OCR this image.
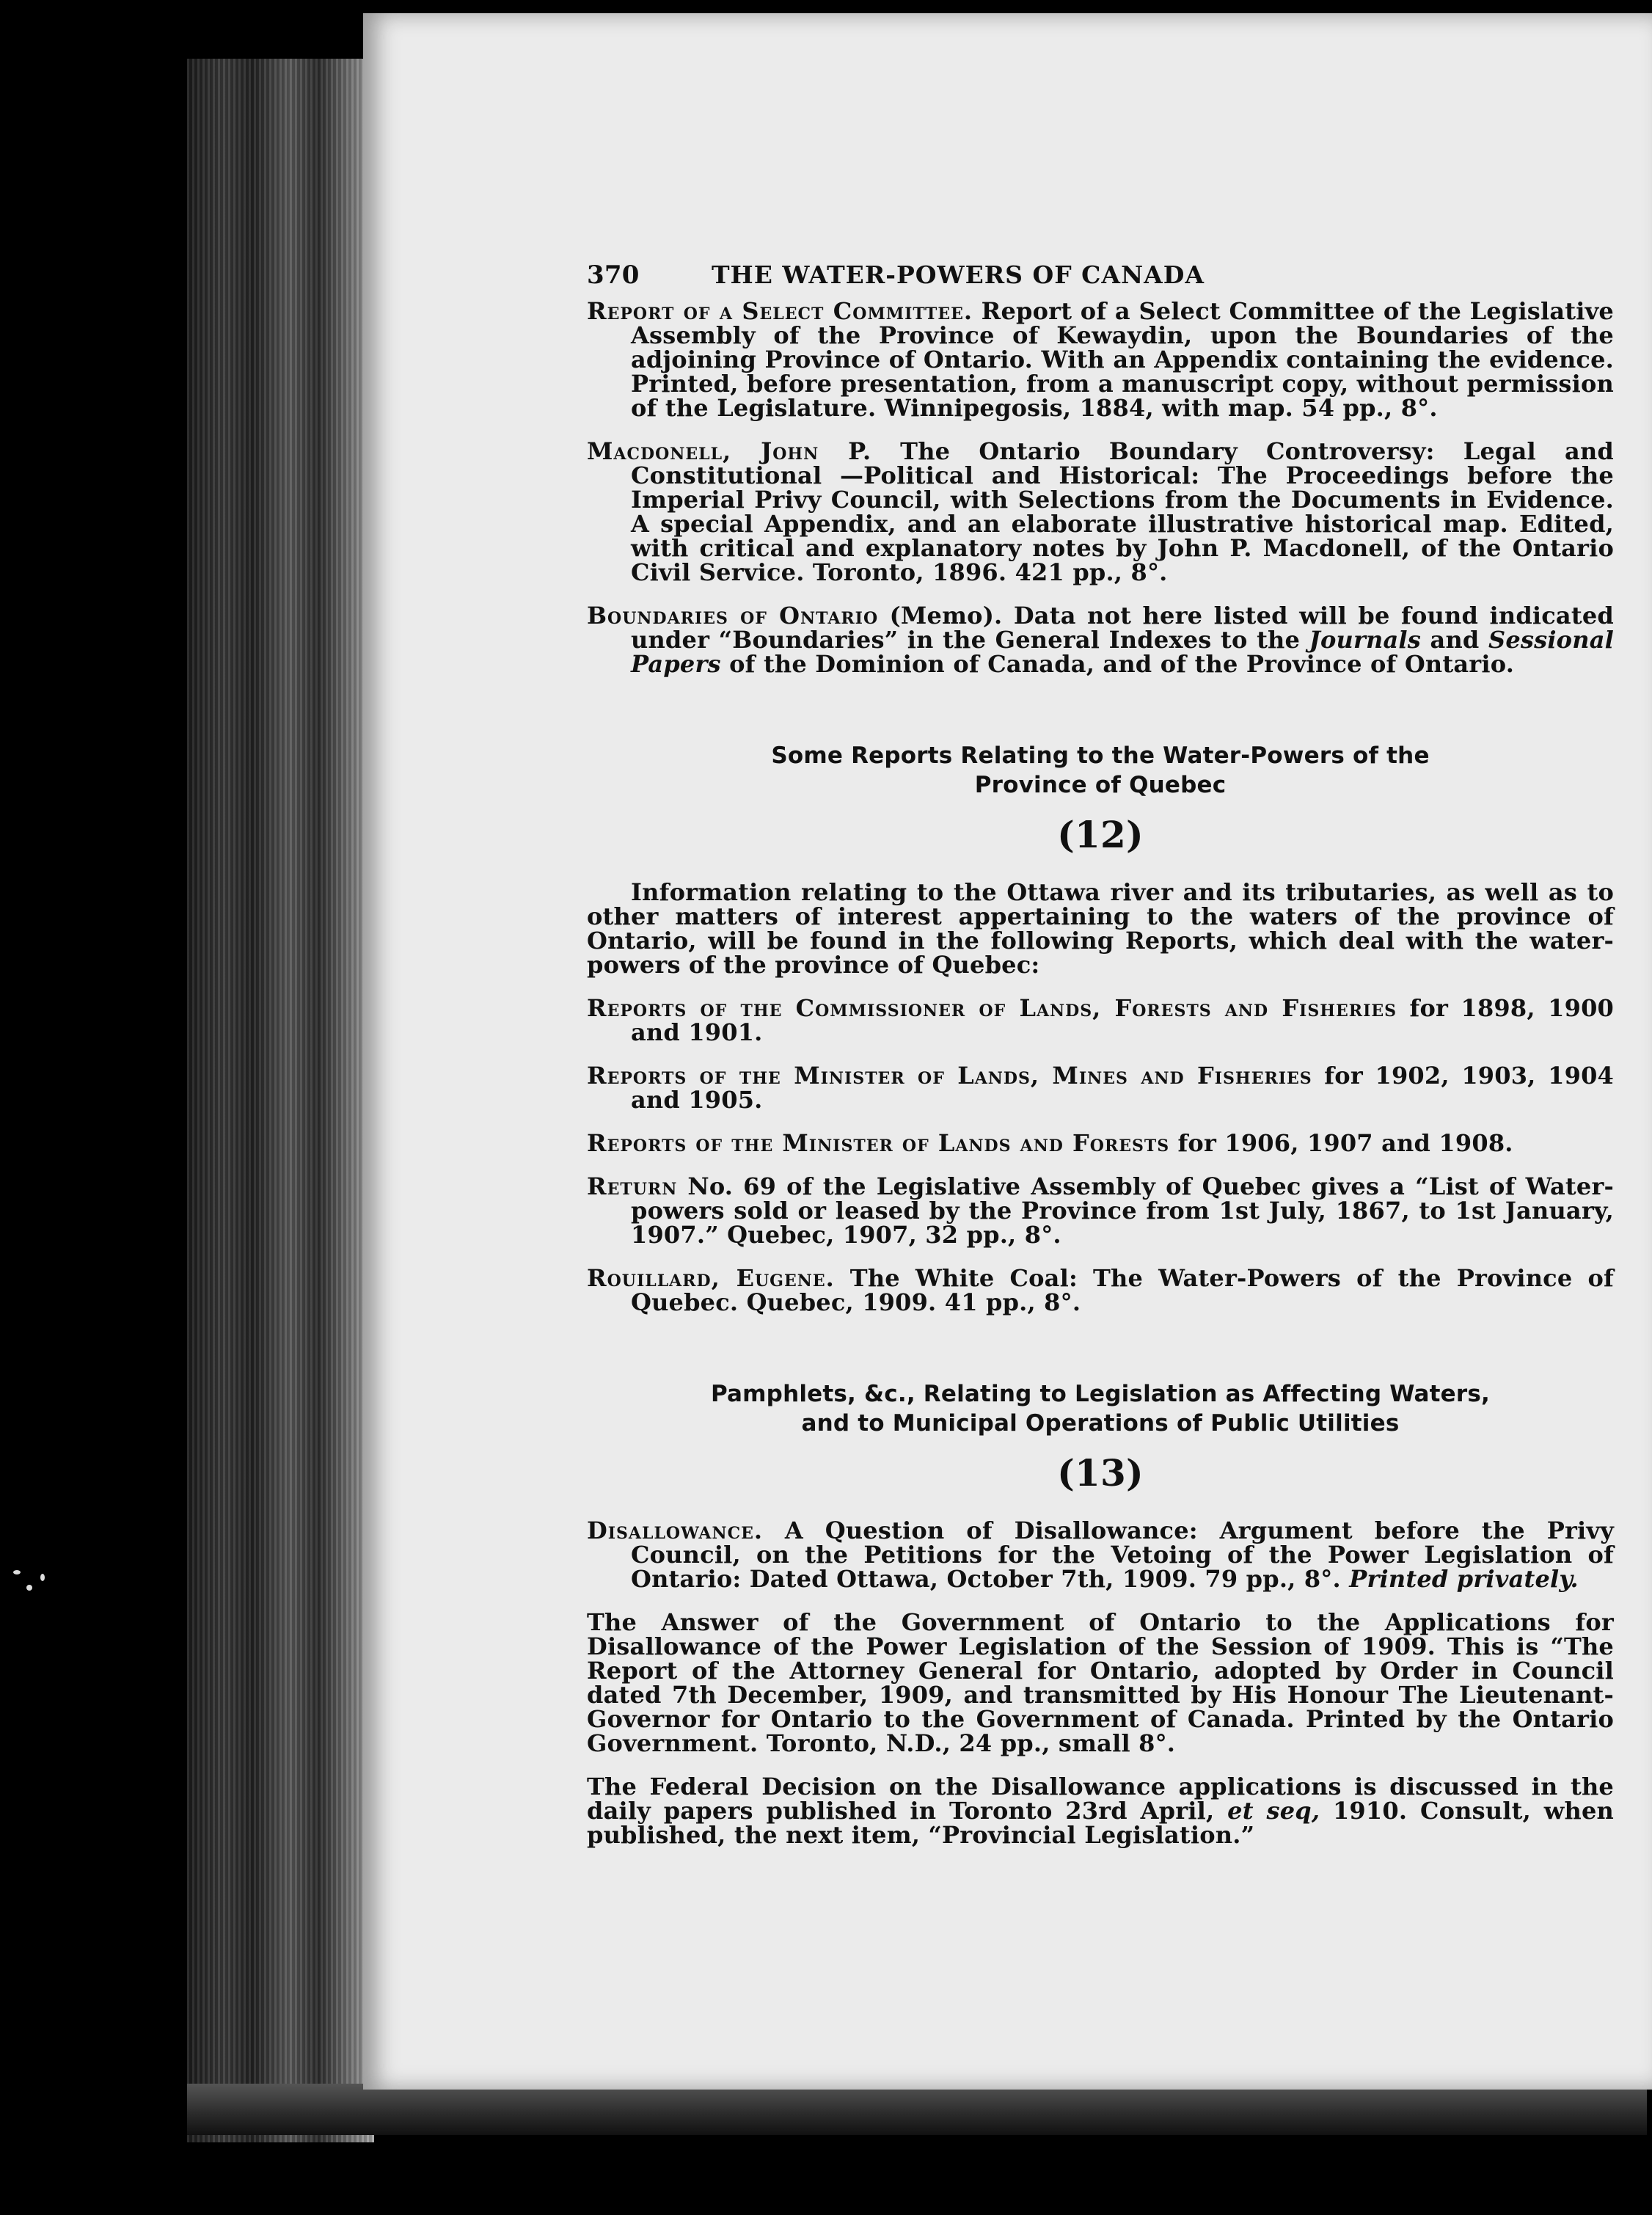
370	THE WATER-POWERS OF CANADA

Report of a Select Committee. Report of a Select Committee of the Legislative Assembly of the Province of Kewaydin, upon the Boundaries of the adjoining Province of Ontario. With an Appendix containing the evidence. Printed, before presentation, from a manuscript copy, without permission of the Legislature. Winnipegosis, 1884, with map. 54 pp., 8°.

Macdonell, John P. The Ontario Boundary Controversy: Legal and Constitutional —Political and Historical: The Proceedings before the Imperial Privy Council, with Selections from the Documents in Evidence. A special Appendix, and an elaborate illustrative historical map. Edited, with critical and explanatory notes by John P. Macdonell, of the Ontario Civil Service. Toronto, 1896. 421 pp., 8°.

Boundaries of Ontario (Memo). Data not here listed will be found indicated under “Boundaries” in the General Indexes to the Journals and Sessional Papers of the Dominion of Canada, and of the Province of Ontario.

Some Reports Relating to the Water-Powers of the
Province of Quebec
(12)

Information relating to the Ottawa river and its tributaries, as well as to other matters of interest appertaining to the waters of the province of Ontario, will be found in the following Reports, which deal with the water-powers of the province of Quebec:

Reports of the Commissioner of Lands, Forests and Fisheries for 1898, 1900 and 1901.

Reports of the Minister of Lands, Mines and Fisheries for 1902, 1903, 1904 and 1905.

Reports of the Minister of Lands and Forests for 1906, 1907 and 1908.

Return No. 69 of the Legislative Assembly of Quebec gives a “List of Water-powers sold or leased by the Province from 1st July, 1867, to 1st January, 1907.” Quebec, 1907, 32 pp., 8°.

Rouillard, Eugene. The White Coal: The Water-Powers of the Province of Quebec. Quebec, 1909. 41 pp., 8°.

Pamphlets, &c., Relating to Legislation as Affecting Waters,
and to Municipal Operations of Public Utilities
(13)

Disallowance. A Question of Disallowance: Argument before the Privy Council, on the Petitions for the Vetoing of the Power Legislation of Ontario: Dated Ottawa, October 7th, 1909. 79 pp., 8°. Printed privately.

The Answer of the Government of Ontario to the Applications for Disallowance of the Power Legislation of the Session of 1909. This is “The Report of the Attorney General for Ontario, adopted by Order in Council dated 7th December, 1909, and transmitted by His Honour The Lieutenant-Governor for Ontario to the Government of Canada. Printed by the Ontario Government. Toronto, N.D., 24 pp., small 8°.

The Federal Decision on the Disallowance applications is discussed in the daily papers published in Toronto 23rd April, et seq, 1910. Consult, when published, the next item, “Provincial Legislation.”
